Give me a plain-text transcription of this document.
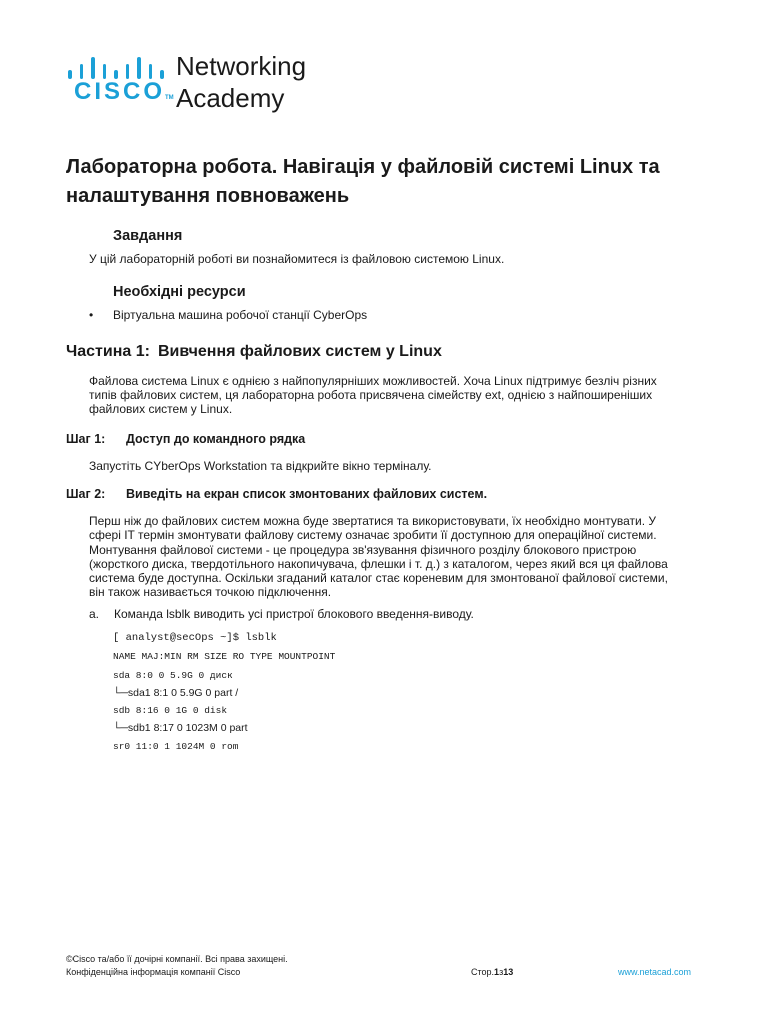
CISCOTM
Networking
Academy
Лабораторна робота. Навігація у файловій системі Linux та налаштування повноважень
Завдання

У цій лабораторній роботі ви познайомитеся із файловою системою Linux.

Необхідні ресурси
• Віртуальна машина робочої станції CyberOps
Частина 1: Вивчення файлових систем у Linux
Файлова система Linux є однією з найпопулярніших можливостей. Хоча Linux підтримує безліч різних
типів файлових систем, ця лабораторна робота присвячена сімейству ext, однією з найпоширеніших
файлових систем у Linux.
Шаг 1: Доступ до командного рядка

Запустіть CYberOps Workstation та відкрийте вікно терміналу.

Шаг 2: Виведіть на екран список змонтованих файлових систем.
Перш ніж до файлових систем можна буде звертатися та використовувати, їх необхідно монтувати. У
сфері IT термін змонтувати файлову систему означає зробити її доступною для операційної системи.
Монтування файлової системи - це процедура зв'язування фізичного розділу блокового пристрою
(жорсткого диска, твердотільного накопичувача, флешки і т. д.) з каталогом, через який вся ця файлова
система буде доступна. Оскільки згаданий каталог стає кореневим для змонтованої файлової системи,
він також називається точкою підключення.
a. Команда lsblk виводить усі пристрої блокового введення-виводу.
[ analyst@secOps ~]$ lsblk
NAME MAJ:MIN RM SIZE RO TYPE MOUNTPOINT
sda 8:0 0 5.9G 0 диск
└─sda1 8:1 0 5.9G 0 part /
sdb 8:16 0 1G 0 disk
└─sdb1 8:17 0 1023M 0 part
sr0 11:0 1 1024M 0 rom
©Cisco та/або її дочірні компанії. Всі права захищені.
Конфіденційна інформація компанії Cisco	Стор.1з13	www.netacad.com
